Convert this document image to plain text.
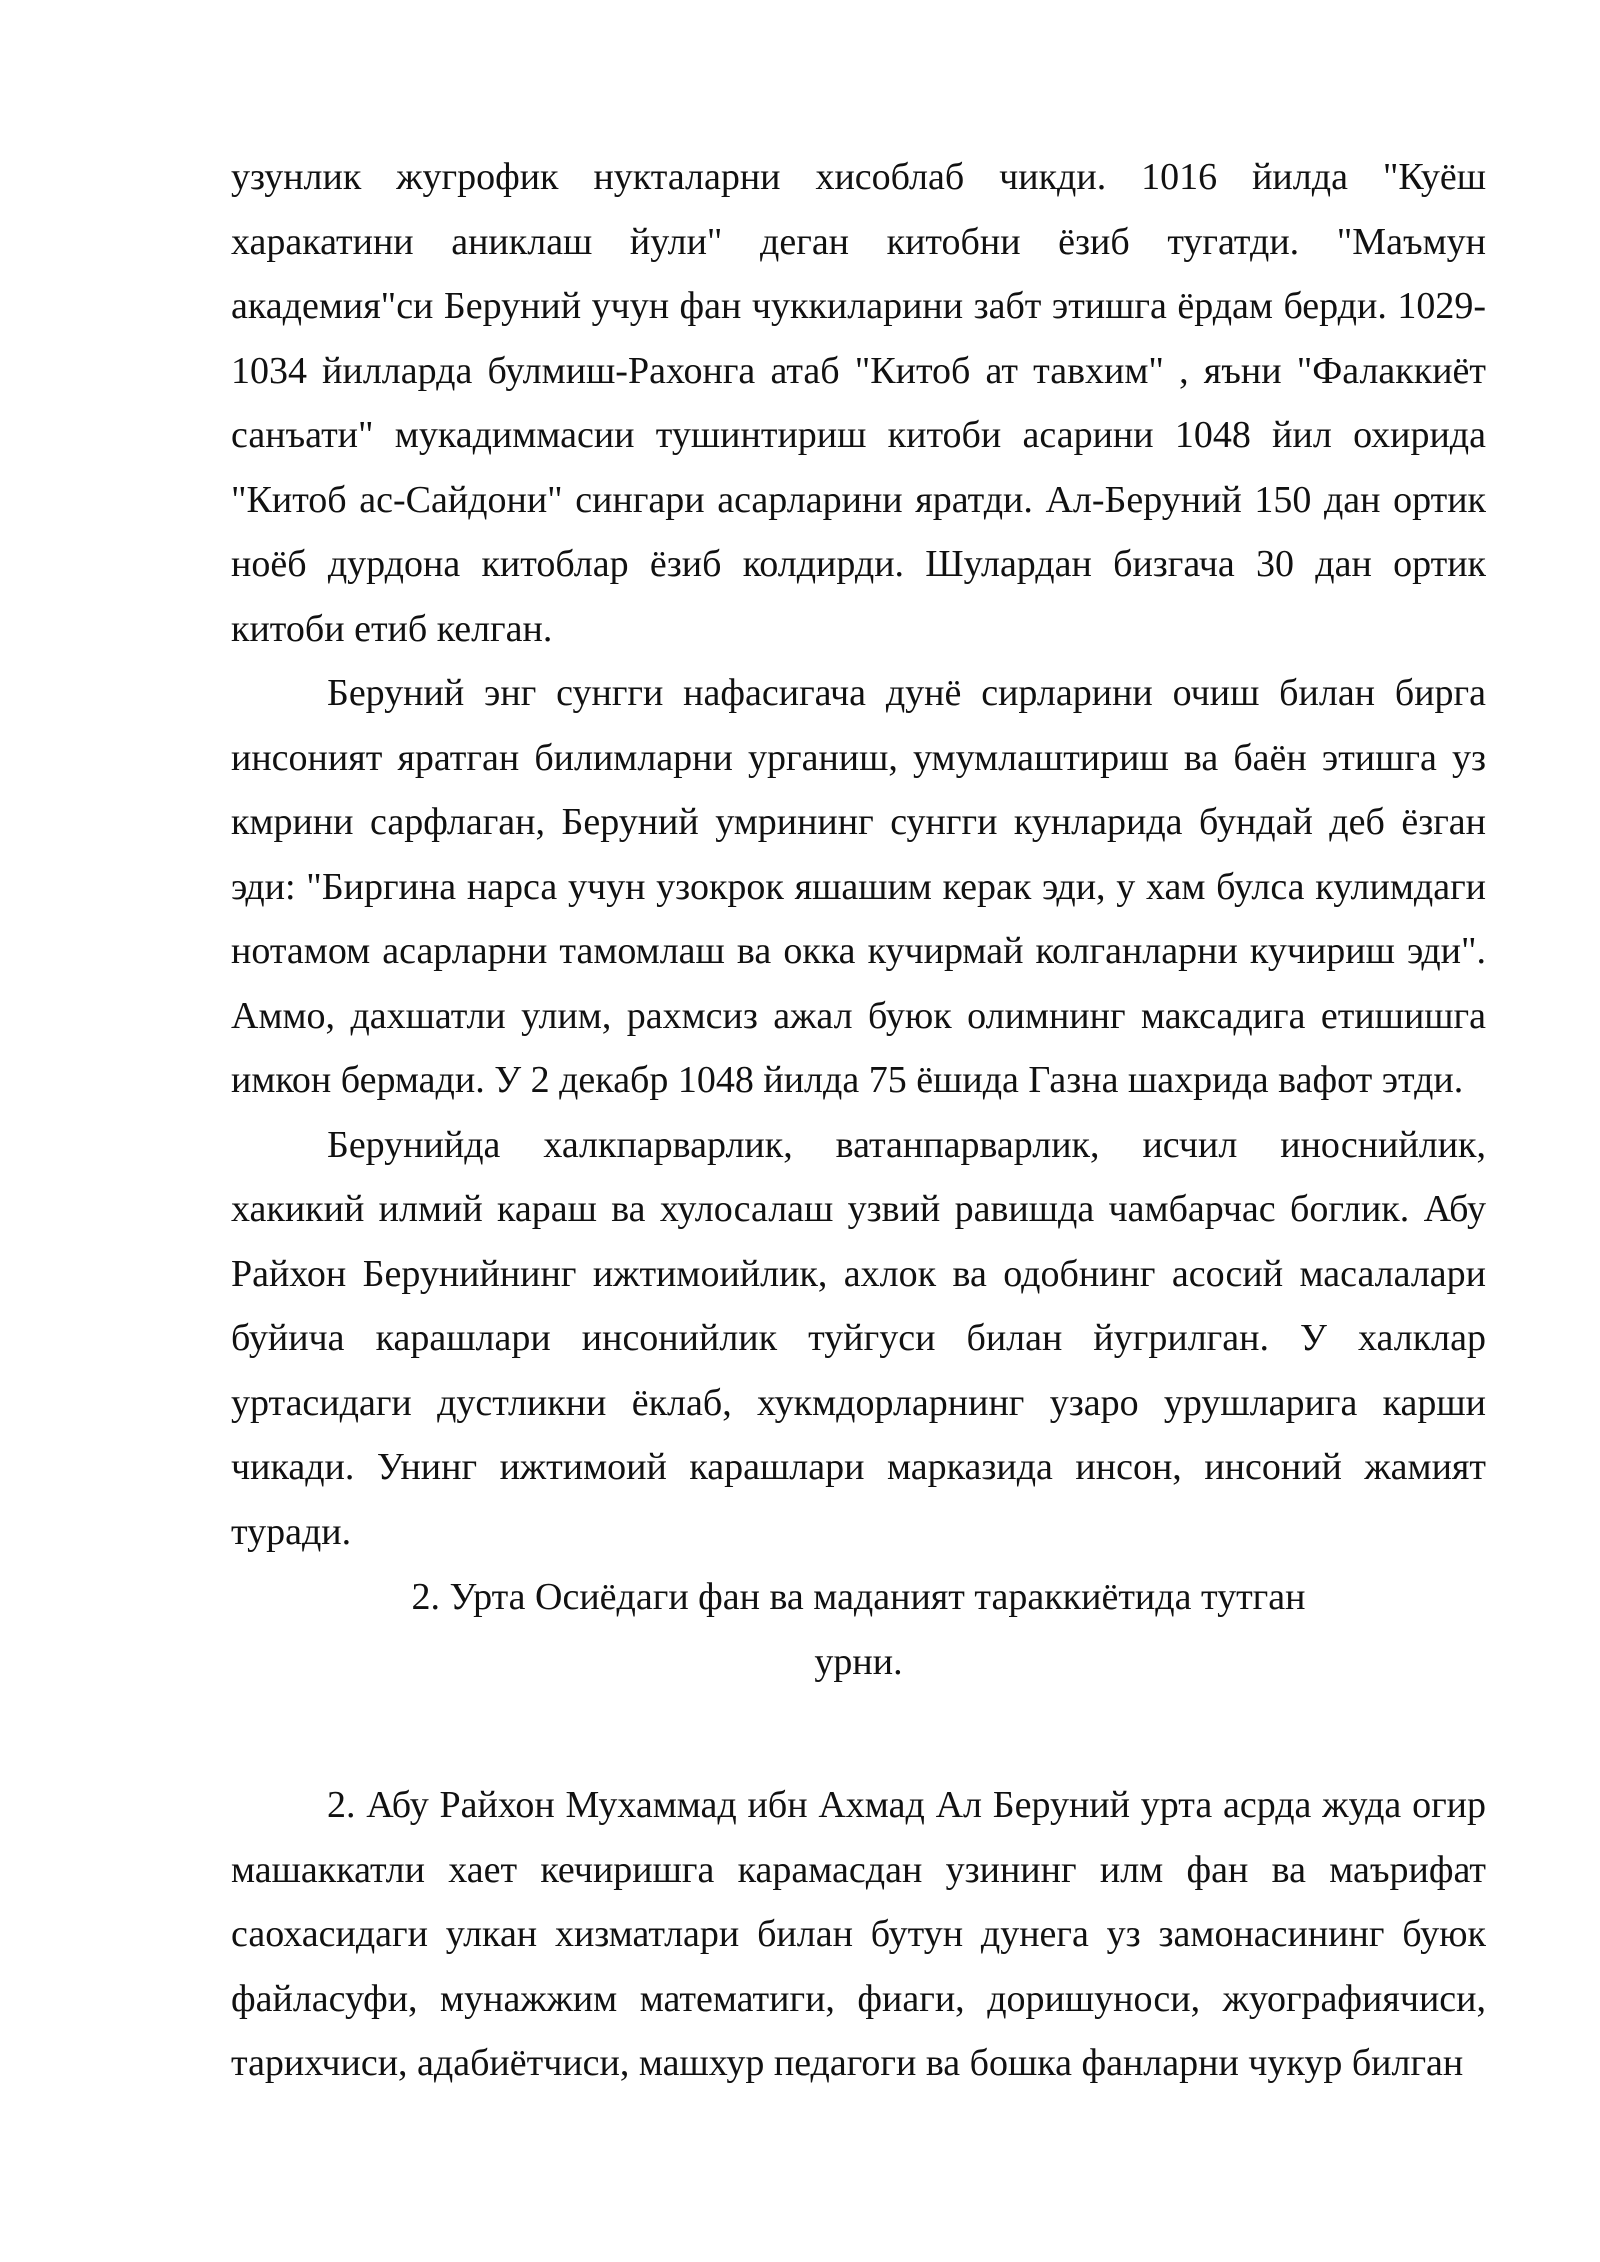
узунлик жугрофик нукталарни хисоблаб чикди. 1016 йилда "Куёш харакатини аниклаш йули" деган китобни ёзиб тугатди. "Маъмун академия"си Беруний учун фан чуккиларини забт этишга ёрдам берди. 1029-1034 йилларда булмиш-Рахонга атаб "Китоб ат тавхим" , яъни "Фалаккиёт санъати" мукадиммасии тушинтириш китоби асарини 1048 йил охирида "Китоб ас-Сайдони" сингари асарларини яратди. Ал-Беруний 150 дан ортик ноёб дурдона китоблар ёзиб колдирди. Шулардан бизгача 30 дан ортик китоби етиб келган.

Беруний энг сунгги нафасигача дунё сирларини очиш билан бирга инсоният яратган билимларни урганиш, умумлаштириш ва баён этишга уз кмрини сарфлаган, Беруний умрининг сунгги кунларида бундай деб ёзган эди: "Биргина нарса учун узокрок яшашим керак эди, у хам булса кулимдаги нотамом асарларни тамомлаш ва окка кучирмай колганларни кучириш эди". Аммо, дахшатли улим, рахмсиз ажал буюк олимнинг максадига етишишга имкон бермади. У 2 декабр 1048 йилда 75 ёшида Газна шахрида вафот этди.

Берунийда халкпарварлик, ватанпарварлик, исчил иноснийлик, хакикий илмий караш ва хулосалаш узвий равишда чамбарчас боглик. Абу Райхон Берунийнинг ижтимоийлик, ахлок ва одобнинг асосий масалалари буйича карашлари инсонийлик туйгуси билан йугрилган. У халклар уртасидаги дустликни ёклаб, хукмдорларнинг узаро урушларига карши чикади. Унинг ижтимоий карашлари марказида инсон, инсоний жамият туради.

2. Урта Осиёдаги фан ва маданият тараккиётида тутган
урни.

2. Абу Райхон Мухаммад ибн Ахмад Ал Беруний урта асрда жуда огир машаккатли хает кечиришга карамасдан узининг илм фан ва маърифат саохасидаги улкан хизматлари билан бутун дунега уз замонасининг буюк файласуфи, мунажжим математиги, фиаги, доришуноси, жуографиячиси, тарихчиси, адабиётчиси, машхур педагоги ва бошка фанларни чукур билган
